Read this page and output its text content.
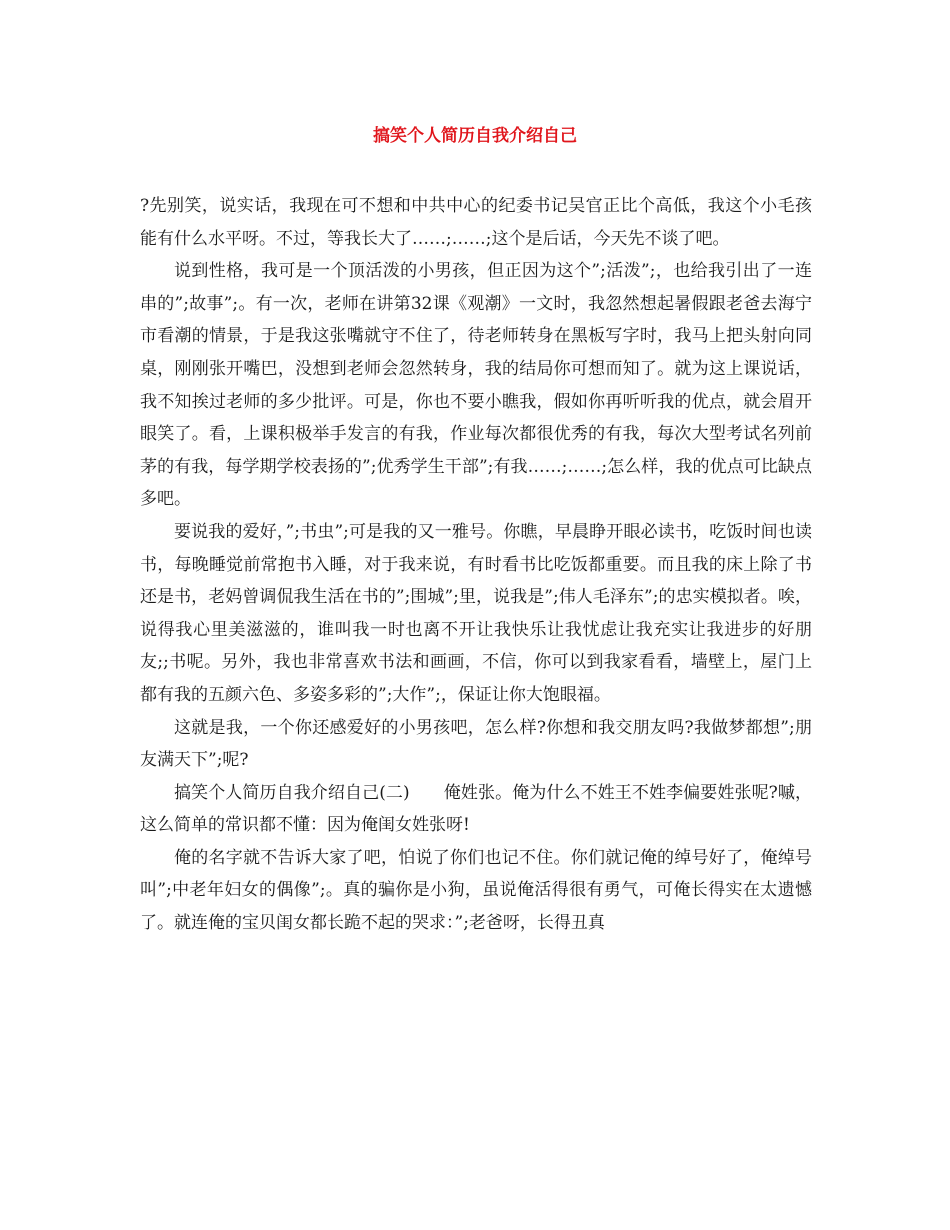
搞笑个人简历自我介绍自己

?先别笑，说实话，我现在可不想和中共中心的纪委书记吴官正比个高低，我这个小毛孩能有什么水平呀。不过，等我长大了……;……;这个是后话，今天先不谈了吧。

说到性格，我可是一个顶活泼的小男孩，但正因为这个”;活泼”;，也给我引出了一连串的”;故事”;。有一次，老师在讲第32课《观潮》一文时，我忽然想起暑假跟老爸去海宁市看潮的情景，于是我这张嘴就守不住了，待老师转身在黑板写字时，我马上把头射向同桌，刚刚张开嘴巴，没想到老师会忽然转身，我的结局你可想而知了。就为这上课说话，我不知挨过老师的多少批评。可是，你也不要小瞧我，假如你再听听我的优点，就会眉开眼笑了。看，上课积极举手发言的有我，作业每次都很优秀的有我，每次大型考试名列前茅的有我，每学期学校表扬的”;优秀学生干部”;有我……;……;怎么样，我的优点可比缺点多吧。

要说我的爱好，”;书虫”;可是我的又一雅号。你瞧，早晨睁开眼必读书，吃饭时间也读书，每晚睡觉前常抱书入睡，对于我来说，有时看书比吃饭都重要。而且我的床上除了书还是书，老妈曾调侃我生活在书的”;围城”;里，说我是”;伟人毛泽东”;的忠实模拟者。唉，说得我心里美滋滋的，谁叫我一时也离不开让我快乐让我忧虑让我充实让我进步的好朋友;;书呢。另外，我也非常喜欢书法和画画，不信，你可以到我家看看，墙壁上，屋门上都有我的五颜六色、多姿多彩的”;大作”;，保证让你大饱眼福。

这就是我，一个你还感爱好的小男孩吧，怎么样?你想和我交朋友吗?我做梦都想”;朋友满天下”;呢?

搞笑个人简历自我介绍自己(二) 俺姓张。俺为什么不姓王不姓李偏要姓张呢?嘁，这么简单的常识都不懂：因为俺闺女姓张呀!

俺的名字就不告诉大家了吧，怕说了你们也记不住。你们就记俺的绰号好了，俺绰号叫”;中老年妇女的偶像”;。真的骗你是小狗，虽说俺活得很有勇气，可俺长得实在太遗憾了。就连俺的宝贝闺女都长跪不起的哭求：”;老爸呀，长得丑真
